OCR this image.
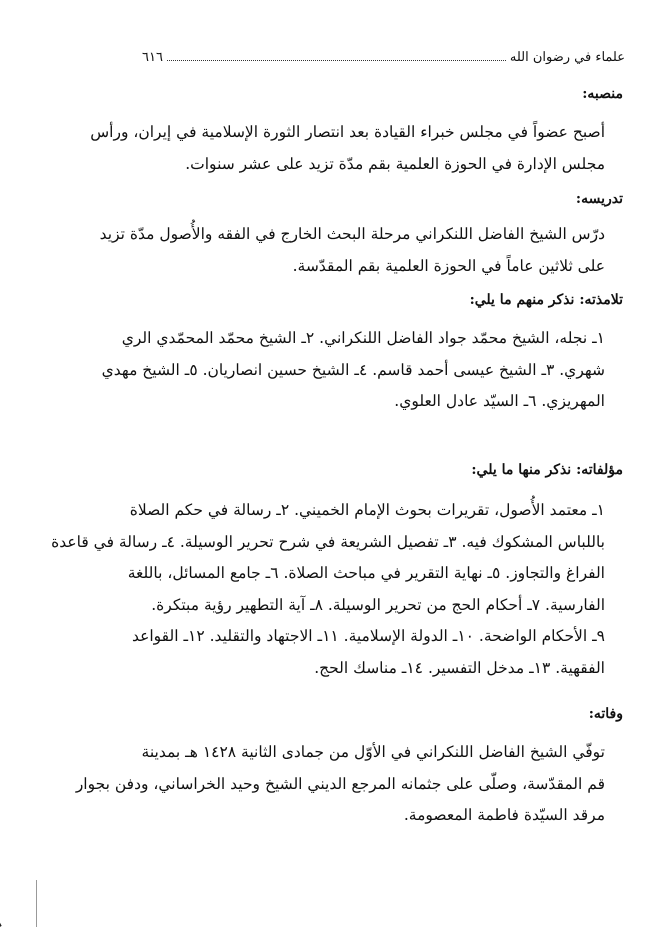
علماء في رضوان الله
٦١٦

منصبه:

أصبح عضواً في مجلس خبراء القيادة بعد انتصار الثورة الإسلامية في إيران، ورأس
مجلس الإدارة في الحوزة العلمية بقم مدّة تزيد على عشر سنوات.

تدريسه:

درّس الشيخ الفاضل اللنكراني مرحلة البحث الخارج في الفقه والأُصول مدّة تزيد
على ثلاثين عاماً في الحوزة العلمية بقم المقدّسة.

تلامذته: نذكر منهم ما يلي:

١ـ نجله، الشيخ محمّد جواد الفاضل اللنكراني. ٢ـ الشيخ محمّد المحمّدي الري
شهري. ٣ـ الشيخ عيسى أحمد قاسم. ٤ـ الشيخ حسين انصاريان. ٥ـ الشيخ مهدي
المهريزي. ٦ـ السيّد عادل العلوي.

مؤلفاته: نذكر منها ما يلي:

١ـ معتمد الأُصول، تقريرات بحوث الإمام الخميني. ٢ـ رسالة في حكم الصلاة
باللباس المشكوك فيه. ٣ـ تفصيل الشريعة في شرح تحرير الوسيلة. ٤ـ رسالة في قاعدة
الفراغ والتجاوز. ٥ـ نهاية التقرير في مباحث الصلاة. ٦ـ جامع المسائل، باللغة
الفارسية. ٧ـ أحكام الحج من تحرير الوسيلة. ٨ـ آية التطهير رؤية مبتكرة.
٩ـ الأحكام الواضحة. ١٠ـ الدولة الإسلامية. ١١ـ الاجتهاد والتقليد. ١٢ـ القواعد
الفقهية. ١٣ـ مدخل التفسير. ١٤ـ مناسك الحج.

وفاته:

توفّي الشيخ الفاضل اللنكراني في الأوّل من جمادى الثانية ١٤٢٨ هـ بمدينة
قم المقدّسة، وصلّى على جثمانه المرجع الديني الشيخ وحيد الخراساني، ودفن بجوار
مرقد السيّدة فاطمة المعصومة.
